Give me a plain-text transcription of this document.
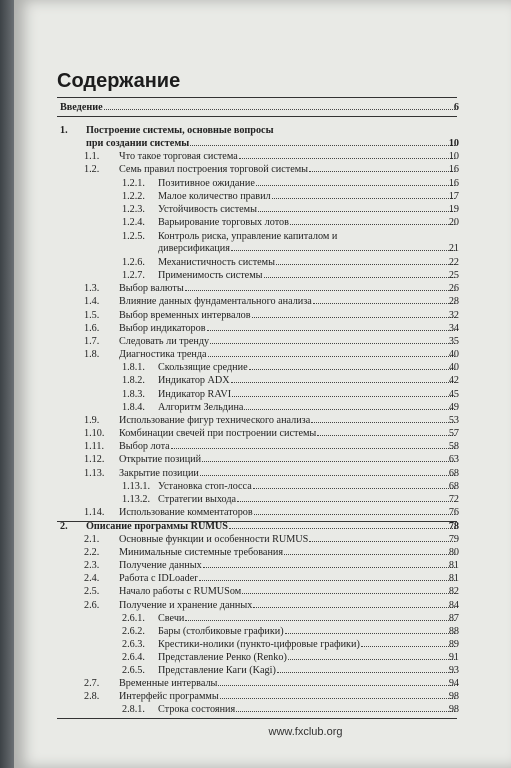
Содержание
Введение	6
1. Построение системы, основные вопросы
при создании системы	10
1.1. Что такое торговая система	10
1.2. Семь правил построения торговой системы	16
1.2.1. Позитивное ожидание	16
1.2.2. Малое количество правил	17
1.2.3. Устойчивость системы	19
1.2.4. Варьирование торговых лотов	20
1.2.5. Контроль риска, управление капиталом и
диверсификация	21
1.2.6. Механистичность системы	22
1.2.7. Применимость системы	25
1.3. Выбор валюты	26
1.4. Влияние данных фундаментального анализа	28
1.5. Выбор временных интервалов	32
1.6. Выбор индикаторов	34
1.7. Следовать ли тренду	35
1.8. Диагностика тренда	40
1.8.1. Скользящие средние	40
1.8.2. Индикатор ADX	42
1.8.3. Индикатор RAVI	45
1.8.4. Алгоритм Зельдина	49
1.9. Использование фигур технического анализа	53
1.10. Комбинации свечей при построении системы	57
1.11. Выбор лота	58
1.12. Открытие позиций	63
1.13. Закрытие позиции	68
1.13.1. Установка стоп-лосса	68
1.13.2. Стратегии выхода	72
1.14. Использование комментаторов	76
2. Описание программы RUMUS	78
2.1. Основные функции и особенности RUMUS	79
2.2. Минимальные системные требования	80
2.3. Получение данных	81
2.4. Работа с IDLoader	81
2.5. Начало работы с RUMUSом	82
2.6. Получение и хранение данных	84
2.6.1. Свечи	87
2.6.2. Бары (столбиковые графики)	88
2.6.3. Крестики-нолики (пункто-цифровые графики)	89
2.6.4. Представление Ренко (Renko)	91
2.6.5. Представление Каги (Kagi)	93
2.7. Временные интервалы	94
2.8. Интерфейс программы	98
2.8.1. Строка состояния	98
www.fxclub.org
